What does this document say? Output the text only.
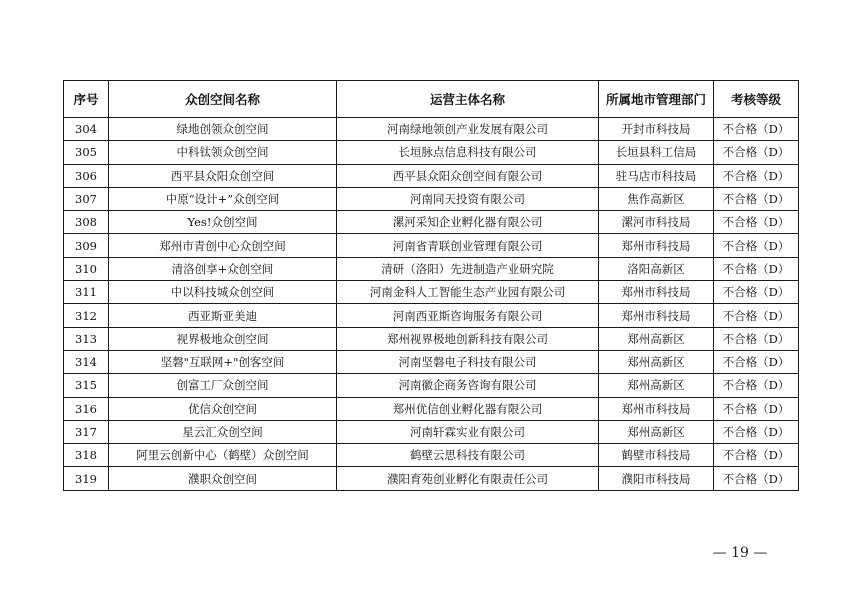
序号	众创空间名称	运营主体名称	所属地市管理部门	考核等级
304	绿地创领众创空间	河南绿地领创产业发展有限公司	开封市科技局	不合格（D）
305	中科钛领众创空间	长垣脉点信息科技有限公司	长垣县科工信局	不合格（D）
306	西平县众阳众创空间	西平县众阳众创空间有限公司	驻马店市科技局	不合格（D）
307	中原“设计+”众创空间	河南同天投资有限公司	焦作高新区	不合格（D）
308	Yes!众创空间	漯河采知企业孵化器有限公司	漯河市科技局	不合格（D）
309	郑州市青创中心众创空间	河南省青联创业管理有限公司	郑州市科技局	不合格（D）
310	清洛创享+众创空间	清研（洛阳）先进制造产业研究院	洛阳高新区	不合格（D）
311	中以科技城众创空间	河南金科人工智能生态产业园有限公司	郑州市科技局	不合格（D）
312	西亚斯亚美迪	河南西亚斯咨询服务有限公司	郑州市科技局	不合格（D）
313	视界极地众创空间	郑州视界极地创新科技有限公司	郑州高新区	不合格（D）
314	坚磐"互联网+"创客空间	河南坚磐电子科技有限公司	郑州高新区	不合格（D）
315	创富工厂众创空间	河南徽企商务咨询有限公司	郑州高新区	不合格（D）
316	优信众创空间	郑州优信创业孵化器有限公司	郑州市科技局	不合格（D）
317	星云汇众创空间	河南轩霖实业有限公司	郑州高新区	不合格（D）
318	阿里云创新中心（鹤壁）众创空间	鹤壁云思科技有限公司	鹤壁市科技局	不合格（D）
319	濮职众创空间	濮阳育苑创业孵化有限责任公司	濮阳市科技局	不合格（D）
— 19 —
